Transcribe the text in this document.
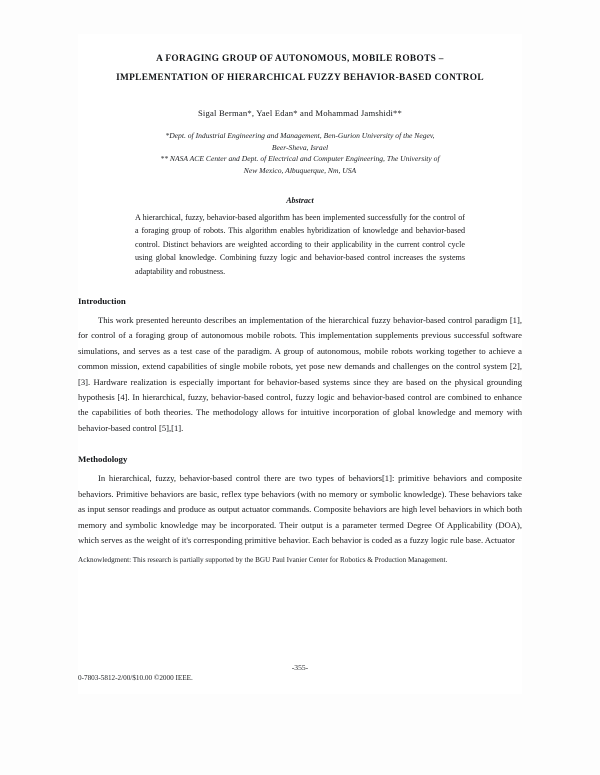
A FORAGING GROUP OF AUTONOMOUS, MOBILE ROBOTS –
IMPLEMENTATION OF HIERARCHICAL FUZZY BEHAVIOR-BASED CONTROL
Sigal Berman*, Yael Edan* and Mohammad Jamshidi**
*Dept. of Industrial Engineering and Management, Ben-Gurion University of the Negev,
Beer-Sheva, Israel
** NASA ACE Center and Dept. of Electrical and Computer Engineering, The University of
New Mexico, Albuquerque, Nm, USA
Abstract
A hierarchical, fuzzy, behavior-based algorithm has been implemented successfully for the control of a foraging group of robots. This algorithm enables hybridization of knowledge and behavior-based control. Distinct behaviors are weighted according to their applicability in the current control cycle using global knowledge. Combining fuzzy logic and behavior-based control increases the systems adaptability and robustness.
Introduction
This work presented hereunto describes an implementation of the hierarchical fuzzy behavior-based control paradigm [1], for control of a foraging group of autonomous mobile robots. This implementation supplements previous successful software simulations, and serves as a test case of the paradigm. A group of autonomous, mobile robots working together to achieve a common mission, extend capabilities of single mobile robots, yet pose new demands and challenges on the control system [2],[3]. Hardware realization is especially important for behavior-based systems since they are based on the physical grounding hypothesis [4]. In hierarchical, fuzzy, behavior-based control, fuzzy logic and behavior-based control are combined to enhance the capabilities of both theories. The methodology allows for intuitive incorporation of global knowledge and memory with behavior-based control [5],[1].
Methodology
In hierarchical, fuzzy, behavior-based control there are two types of behaviors[1]: primitive behaviors and composite behaviors. Primitive behaviors are basic, reflex type behaviors (with no memory or symbolic knowledge). These behaviors take as input sensor readings and produce as output actuator commands. Composite behaviors are high level behaviors in which both memory and symbolic knowledge may be incorporated. Their output is a parameter termed Degree Of Applicability (DOA), which serves as the weight of it's corresponding primitive behavior. Each behavior is coded as a fuzzy logic rule base. Actuator
Acknowledgment: This research is partially supported by the BGU Paul Ivanier Center for Robotics & Production Management.
0-7803-5812-2/00/$10.00 ©2000 IEEE.
-355-
